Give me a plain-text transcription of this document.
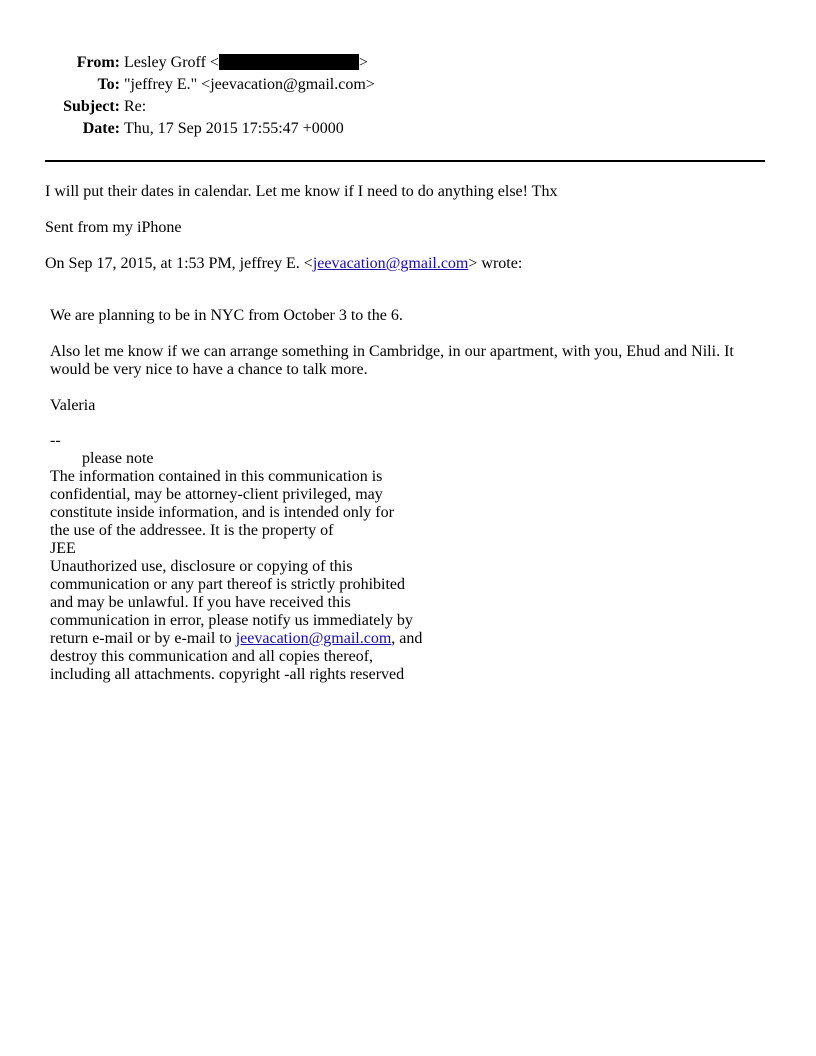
From: Lesley Groff <	>
To: "jeffrey E." <jeevacation@gmail.com>
Subject: Re:
Date: Thu, 17 Sep 2015 17:55:47 +0000
I will put their dates in calendar. Let me know if I need to do anything else! Thx
Sent from my iPhone
On Sep 17, 2015, at 1:53 PM, jeffrey E. <jeevacation@gmail.com> wrote:

We are planning to be in NYC from October 3 to the 6.

Also let me know if we can arrange something in Cambridge, in our apartment, with you, Ehud and Nili. It would be very nice to have a chance to talk more.

Valeria

--
please note
The information contained in this communication is
confidential, may be attorney-client privileged, may
constitute inside information, and is intended only for
the use of the addressee. It is the property of
JEE
Unauthorized use, disclosure or copying of this
communication or any part thereof is strictly prohibited
and may be unlawful. If you have received this
communication in error, please notify us immediately by
return e-mail or by e-mail to jeevacation@gmail.com, and
destroy this communication and all copies thereof,
including all attachments. copyright -all rights reserved
